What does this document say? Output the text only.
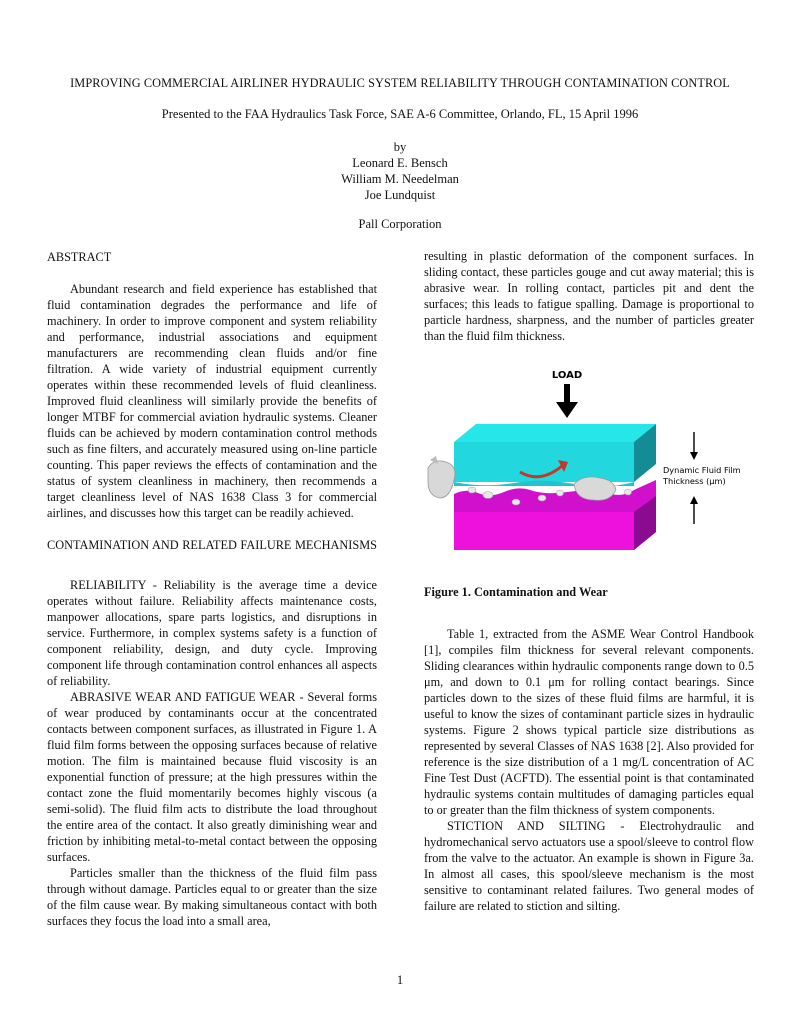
IMPROVING COMMERCIAL AIRLINER HYDRAULIC SYSTEM RELIABILITY THROUGH CONTAMINATION CONTROL
Presented to the FAA Hydraulics Task Force, SAE A-6 Committee, Orlando, FL, 15 April 1996
by
Leonard E. Bensch
William M. Needelman
Joe Lundquist
Pall Corporation

ABSTRACT

Abundant research and field experience has established that fluid contamination degrades the performance and life of machinery. In order to improve component and system reliability and performance, industrial associations and equipment manufacturers are recommending clean fluids and/or fine filtration. A wide variety of industrial equipment currently operates within these recommended levels of fluid cleanliness. Improved fluid cleanliness will similarly provide the benefits of longer MTBF for commercial aviation hydraulic systems. Cleaner fluids can be achieved by modern contamination control methods such as fine filters, and accurately measured using on-line particle counting. This paper reviews the effects of contamination and the status of system cleanliness in machinery, then recommends a target cleanliness level of NAS 1638 Class 3 for commercial airlines, and discusses how this target can be readily achieved.

CONTAMINATION AND RELATED FAILURE MECHANISMS

RELIABILITY - Reliability is the average time a device operates without failure. Reliability affects maintenance costs, manpower allocations, spare parts logistics, and disruptions in service. Furthermore, in complex systems safety is a function of component reliability, design, and duty cycle. Improving component life through contamination control enhances all aspects of reliability.

ABRASIVE WEAR AND FATIGUE WEAR - Several forms of wear produced by contaminants occur at the concentrated contacts between component surfaces, as illustrated in Figure 1. A fluid film forms between the opposing surfaces because of relative motion. The film is maintained because fluid viscosity is an exponential function of pressure; at the high pressures within the contact zone the fluid momentarily becomes highly viscous (a semi-solid). The fluid film acts to distribute the load throughout the entire area of the contact. It also greatly diminishing wear and friction by inhibiting metal-to-metal contact between the opposing surfaces.

Particles smaller than the thickness of the fluid film pass through without damage. Particles equal to or greater than the size of the film cause wear. By making simultaneous contact with both surfaces they focus the load into a small area,

resulting in plastic deformation of the component surfaces. In sliding contact, these particles gouge and cut away material; this is abrasive wear. In rolling contact, particles pit and dent the surfaces; this leads to fatigue spalling. Damage is proportional to particle hardness, sharpness, and the number of particles greater than the fluid film thickness.

LOAD
Dynamic Fluid Film
Thickness (μm)
Figure 1. Contamination and Wear

Table 1, extracted from the ASME Wear Control Handbook [1], compiles film thickness for several relevant components. Sliding clearances within hydraulic components range down to 0.5 μm, and down to 0.1 μm for rolling contact bearings. Since particles down to the sizes of these fluid films are harmful, it is useful to know the sizes of contaminant particle sizes in hydraulic systems. Figure 2 shows typical particle size distributions as represented by several Classes of NAS 1638 [2]. Also provided for reference is the size distribution of a 1 mg/L concentration of AC Fine Test Dust (ACFTD). The essential point is that contaminated hydraulic systems contain multitudes of damaging particles equal to or greater than the film thickness of system components.

STICTION AND SILTING - Electrohydraulic and hydromechanical servo actuators use a spool/sleeve to control flow from the valve to the actuator. An example is shown in Figure 3a. In almost all cases, this spool/sleeve mechanism is the most sensitive to contaminant related failures. Two general modes of failure are related to stiction and silting.

1
